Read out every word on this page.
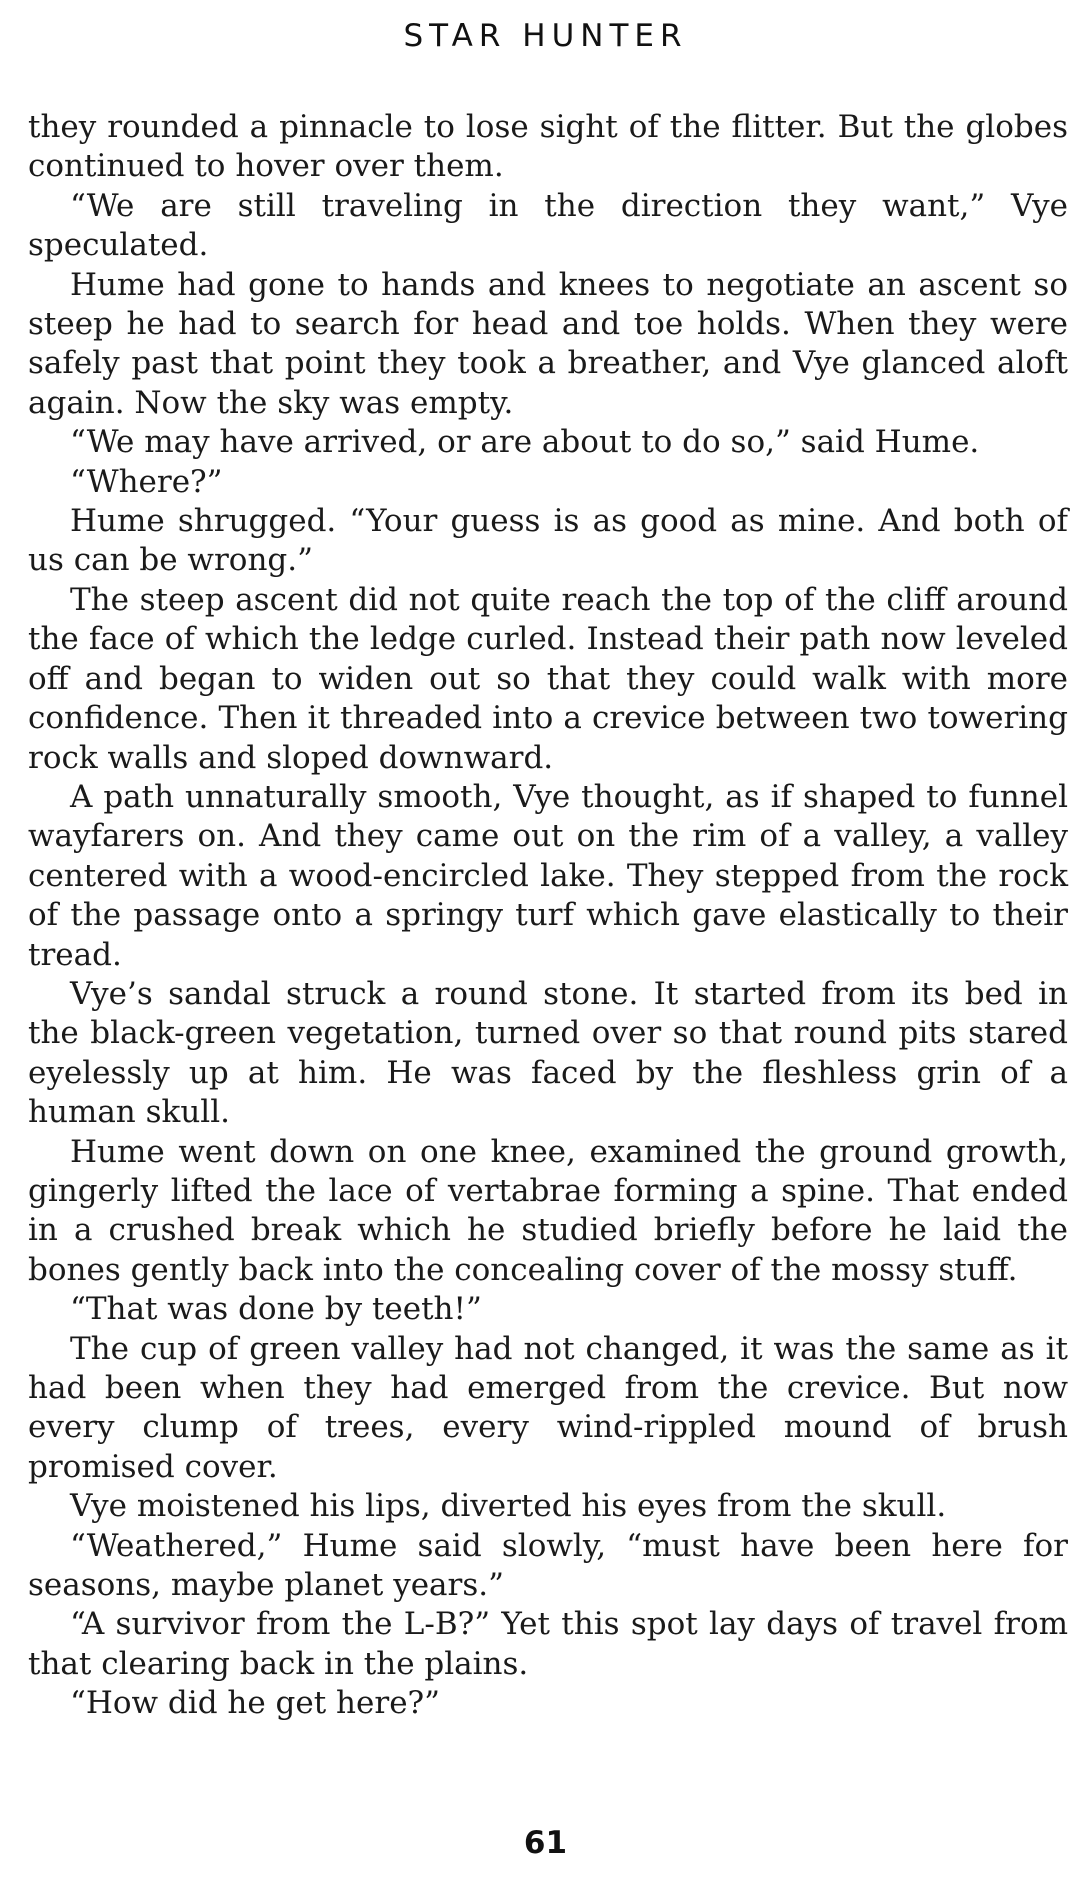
STAR HUNTER

they rounded a pinnacle to lose sight of the flitter. But the globes continued to hover over them.

“We are still traveling in the direction they want,” Vye speculated.

Hume had gone to hands and knees to negotiate an ascent so steep he had to search for head and toe holds. When they were safely past that point they took a breather, and Vye glanced aloft again. Now the sky was empty.

“We may have arrived, or are about to do so,” said Hume.

“Where?”

Hume shrugged. “Your guess is as good as mine. And both of us can be wrong.”

The steep ascent did not quite reach the top of the cliff around the face of which the ledge curled. Instead their path now leveled off and began to widen out so that they could walk with more confidence. Then it threaded into a crevice between two towering rock walls and sloped downward.

A path unnaturally smooth, Vye thought, as if shaped to funnel wayfarers on. And they came out on the rim of a valley, a valley centered with a wood-encircled lake. They stepped from the rock of the passage onto a springy turf which gave elastically to their tread.

Vye’s sandal struck a round stone. It started from its bed in the black-green vegetation, turned over so that round pits stared eyelessly up at him. He was faced by the fleshless grin of a human skull.

Hume went down on one knee, examined the ground growth, gingerly lifted the lace of vertabrae forming a spine. That ended in a crushed break which he studied briefly before he laid the bones gently back into the concealing cover of the mossy stuff.

“That was done by teeth!”

The cup of green valley had not changed, it was the same as it had been when they had emerged from the crevice. But now every clump of trees, every wind-rippled mound of brush promised cover.

Vye moistened his lips, diverted his eyes from the skull.

“Weathered,” Hume said slowly, “must have been here for seasons, maybe planet years.”

“A survivor from the L-B?” Yet this spot lay days of travel from that clearing back in the plains.

“How did he get here?”

61
